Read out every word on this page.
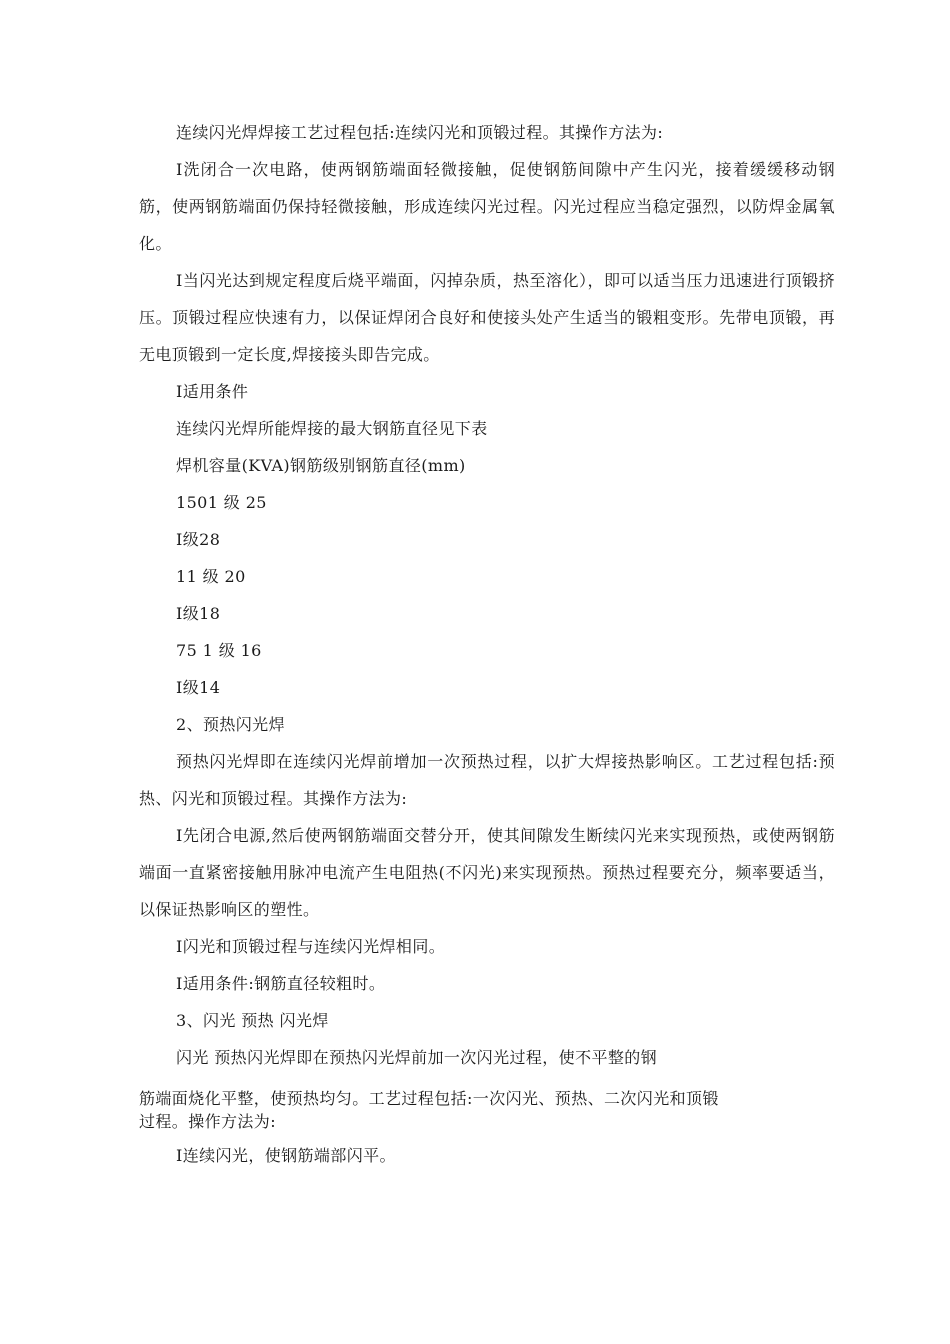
连续闪光焊焊接工艺过程包括:连续闪光和顶锻过程。其操作方法为:

I洗闭合一次电路，使两钢筋端面轻微接触，促使钢筋间隙中产生闪光，接着缓缓移动钢筋，使两钢筋端面仍保持轻微接触，形成连续闪光过程。闪光过程应当稳定强烈，以防焊金属氧化。

I当闪光达到规定程度后烧平端面，闪掉杂质，热至溶化），即可以适当压力迅速进行顶锻挤压。顶锻过程应快速有力，以保证焊闭合良好和使接头处产生适当的锻粗变形。先带电顶锻，再无电顶锻到一定长度,焊接接头即告完成。

I适用条件

连续闪光焊所能焊接的最大钢筋直径见下表

焊机容量(KVA)钢筋级别钢筋直径(mm)

1501 级 25

I级28

11 级 20

I级18

75 1 级 16

I级14

2、预热闪光焊

预热闪光焊即在连续闪光焊前增加一次预热过程，以扩大焊接热影响区。工艺过程包括:预热、闪光和顶锻过程。其操作方法为:

I先闭合电源,然后使两钢筋端面交替分开，使其间隙发生断续闪光来实现预热，或使两钢筋端面一直紧密接触用脉冲电流产生电阻热(不闪光)来实现预热。预热过程要充分，频率要适当，以保证热影响区的塑性。

I闪光和顶锻过程与连续闪光焊相同。

I适用条件:钢筋直径较粗时。

3、闪光 预热 闪光焊

闪光 预热闪光焊即在预热闪光焊前加一次闪光过程，使不平整的钢

筋端面烧化平整，使预热均匀。工艺过程包括:一次闪光、预热、二次闪光和顶锻

过程。操作方法为:

I连续闪光，使钢筋端部闪平。
